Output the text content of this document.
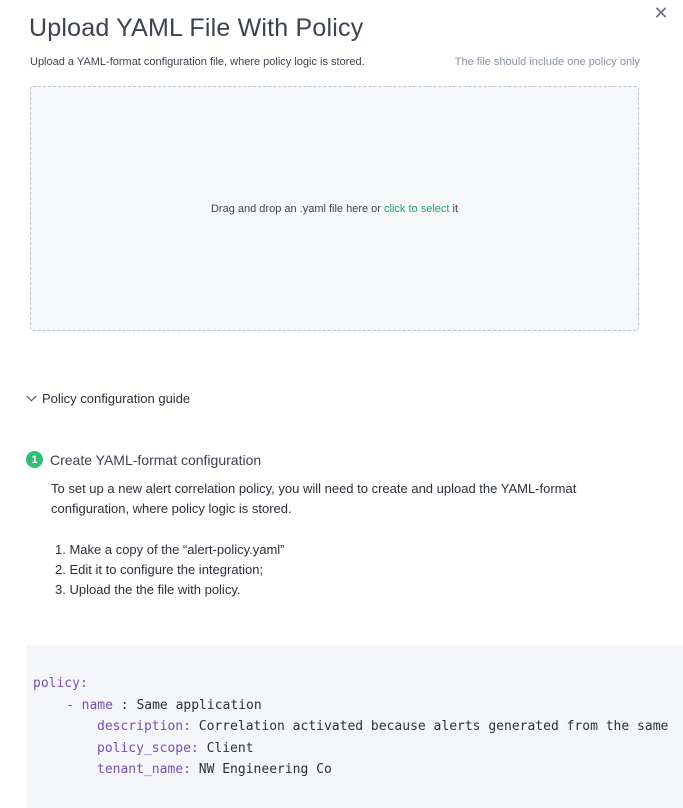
✕
Upload YAML File With Policy
Upload a YAML-format configuration file, where policy logic is stored.	The file should include one policy only
Drag and drop an .yaml file here or click to select it
Policy configuration guide
1 Create YAML-format configuration
To set up a new alert correlation policy, you will need to create and upload the YAML-format configuration, where policy logic is stored.
1. Make a copy of the “alert-policy.yaml”
2. Edit it to configure the integration;
3. Upload the the file with policy.

policy:

- name : Same application

description: Correlation activated because alerts generated from the same

policy_scope: Client

tenant_name: NW Engineering Co
